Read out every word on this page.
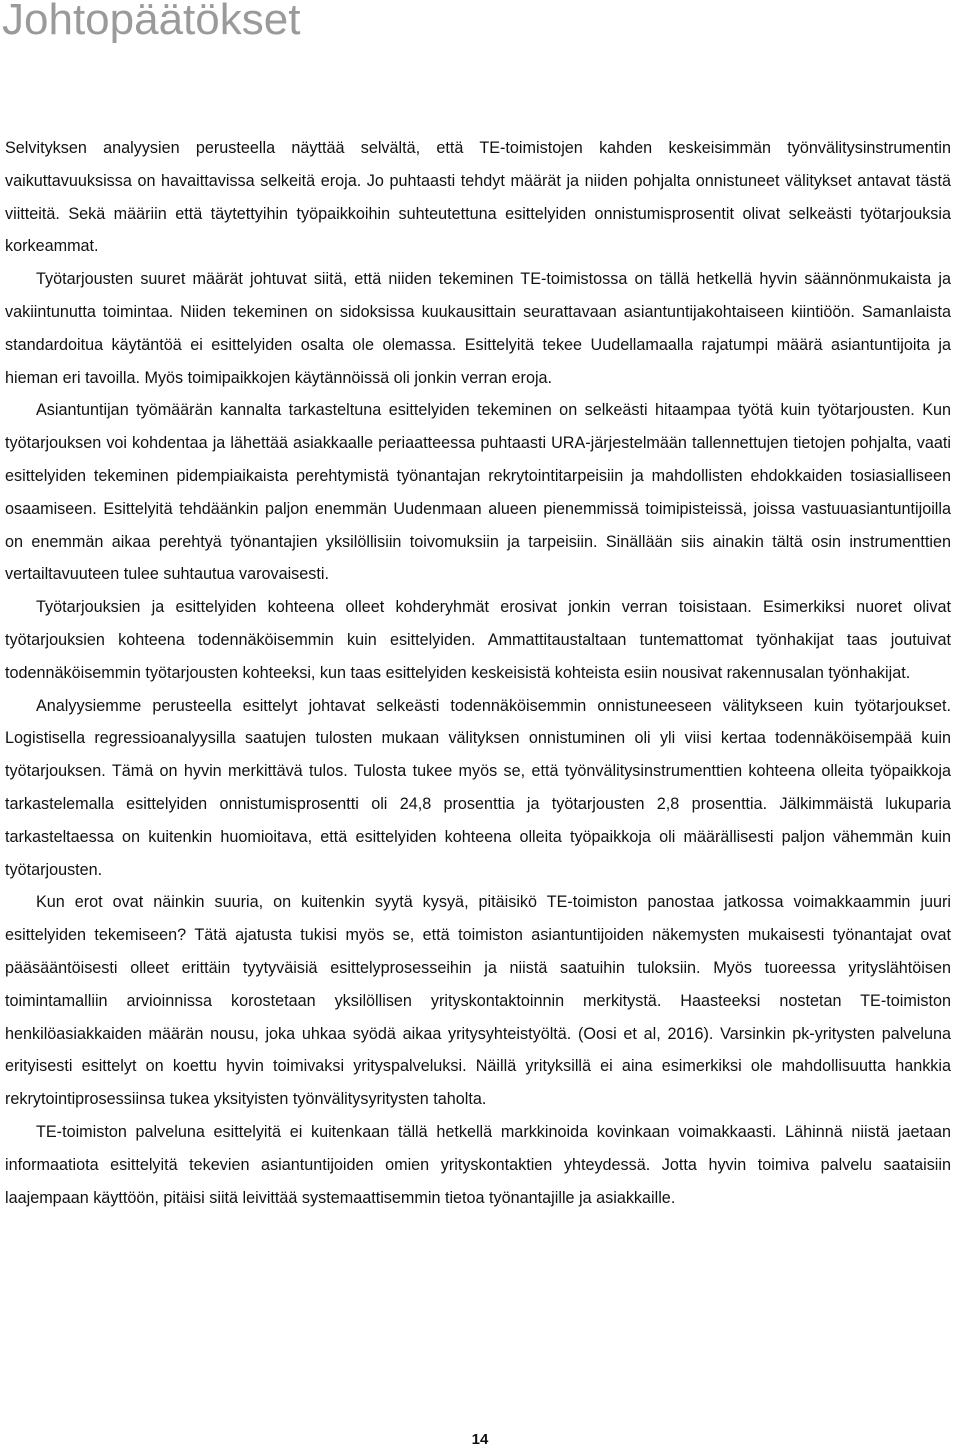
Johtopäätökset

Selvityksen analyysien perusteella näyttää selvältä, että TE-toimistojen kahden keskeisimmän työnvälitysinstrumentin vaikuttavuuksissa on havaittavissa selkeitä eroja. Jo puhtaasti tehdyt määrät ja niiden pohjalta onnistuneet välitykset antavat tästä viitteitä. Sekä määriin että täytettyihin työpaikkoihin suhteutettuna esittelyiden onnistumisprosentit olivat selkeästi työtarjouksia korkeammat.

Työtarjousten suuret määrät johtuvat siitä, että niiden tekeminen TE-toimistossa on tällä hetkellä hyvin säännönmukaista ja vakiintunutta toimintaa. Niiden tekeminen on sidoksissa kuukausittain seurattavaan asiantuntijakohtaiseen kiintiöön. Samanlaista standardoitua käytäntöä ei esittelyiden osalta ole olemassa. Esittelyitä tekee Uudellamaalla rajatumpi määrä asiantuntijoita ja hieman eri tavoilla. Myös toimipaikkojen käytännöissä oli jonkin verran eroja.

Asiantuntijan työmäärän kannalta tarkasteltuna esittelyiden tekeminen on selkeästi hitaampaa työtä kuin työtarjousten. Kun työtarjouksen voi kohdentaa ja lähettää asiakkaalle periaatteessa puhtaasti URA-järjestelmään tallennettujen tietojen pohjalta, vaati esittelyiden tekeminen pidempiaikaista perehtymistä työnantajan rekrytointitarpeisiin ja mahdollisten ehdokkaiden tosiasialliseen osaamiseen. Esittelyitä tehdäänkin paljon enemmän Uudenmaan alueen pienemmissä toimipisteissä, joissa vastuuasiantuntijoilla on enemmän aikaa perehtyä työnantajien yksilöllisiin toivomuksiin ja tarpeisiin. Sinällään siis ainakin tältä osin instrumenttien vertailtavuuteen tulee suhtautua varovaisesti.

Työtarjouksien ja esittelyiden kohteena olleet kohderyhmät erosivat jonkin verran toisistaan. Esimerkiksi nuoret olivat työtarjouksien kohteena todennäköisemmin kuin esittelyiden. Ammattitaustaltaan tuntemattomat työnhakijat taas joutuivat todennäköisemmin työtarjousten kohteeksi, kun taas esittelyiden keskeisistä kohteista esiin nousivat rakennusalan työnhakijat.

Analyysiemme perusteella esittelyt johtavat selkeästi todennäköisemmin onnistuneeseen välitykseen kuin työtarjoukset. Logistisella regressioanalyysilla saatujen tulosten mukaan välityksen onnistuminen oli yli viisi kertaa todennäköisempää kuin työtarjouksen. Tämä on hyvin merkittävä tulos. Tulosta tukee myös se, että työnvälitysinstrumenttien kohteena olleita työpaikkoja tarkastelemalla esittelyiden onnistumisprosentti oli 24,8 prosenttia ja työtarjousten 2,8 prosenttia. Jälkimmäistä lukuparia tarkasteltaessa on kuitenkin huomioitava, että esittelyiden kohteena olleita työpaikkoja oli määrällisesti paljon vähemmän kuin työtarjousten.

Kun erot ovat näinkin suuria, on kuitenkin syytä kysyä, pitäisikö TE-toimiston panostaa jatkossa voimakkaammin juuri esittelyiden tekemiseen? Tätä ajatusta tukisi myös se, että toimiston asiantuntijoiden näkemysten mukaisesti työnantajat ovat pääsääntöisesti olleet erittäin tyytyväisiä esittelyprosesseihin ja niistä saatuihin tuloksiin. Myös tuoreessa yrityslähtöisen toimintamalliin arvioinnissa korostetaan yksilöllisen yrityskontaktoinnin merkitystä. Haasteeksi nostetan TE-toimiston henkilöasiakkaiden määrän nousu, joka uhkaa syödä aikaa yritysyhteistyöltä. (Oosi et al, 2016). Varsinkin pk-yritysten palveluna erityisesti esittelyt on koettu hyvin toimivaksi yrityspalveluksi. Näillä yrityksillä ei aina esimerkiksi ole mahdollisuutta hankkia rekrytointiprosessiinsa tukea yksityisten työnvälitysyritysten taholta.

TE-toimiston palveluna esittelyitä ei kuitenkaan tällä hetkellä markkinoida kovinkaan voimakkaasti. Lähinnä niistä jaetaan informaatiota esittelyitä tekevien asiantuntijoiden omien yrityskontaktien yhteydessä. Jotta hyvin toimiva palvelu saataisiin laajempaan käyttöön, pitäisi siitä leivittää systemaattisemmin tietoa työnantajille ja asiakkaille.

14
